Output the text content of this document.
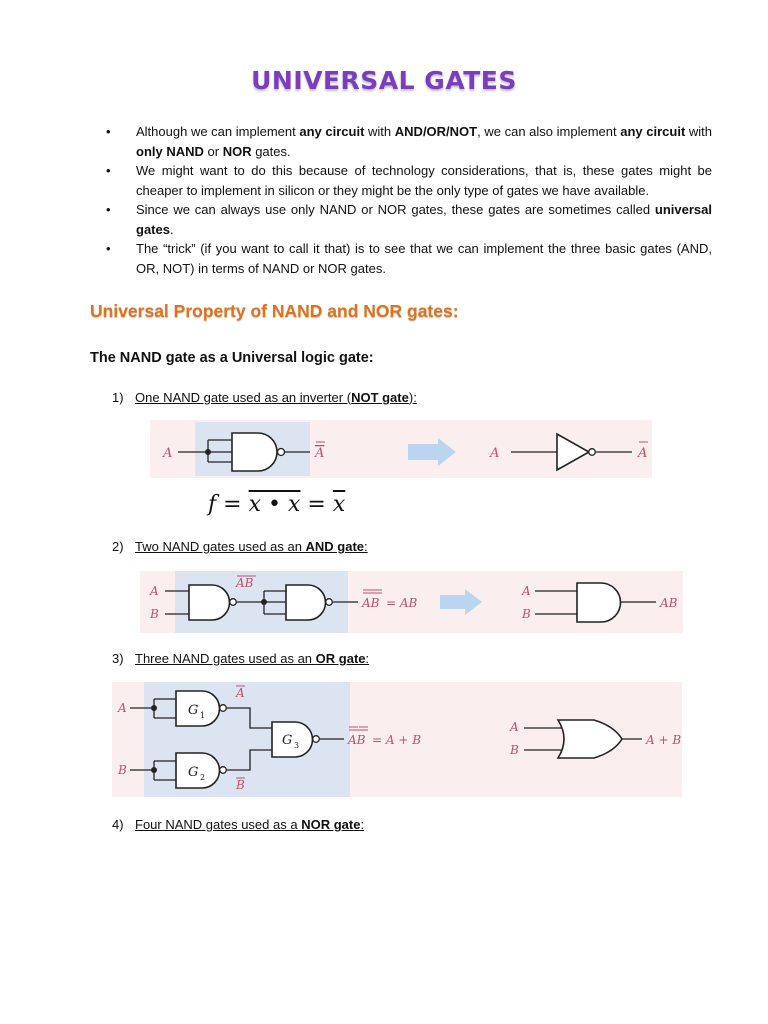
UNIVERSAL GATES
• Although we can implement any circuit with AND/OR/NOT, we can also implement any circuit with only NAND or NOR gates.
• We might want to do this because of technology considerations, that is, these gates might be cheaper to implement in silicon or they might be the only type of gates we have available.
• Since we can always use only NAND or NOR gates, these gates are sometimes called universal gates.
• The “trick” (if you want to call it that) is to see that we can implement the three basic gates (AND, OR, NOT) in terms of NAND or NOR gates.
Universal Property of NAND and NOR gates:
The NAND gate as a Universal logic gate:
1) One NAND gate used as an inverter (NOT gate):
A	A	A	A
f = x • $x = \overline{x}$
2) Two NAND gates used as an AND gate:
A
B
AB
AB = AB
A
B
AB
3) Three NAND gates used as an OR gate:
A
B
G 1
G 2
A
B
G 3	AB = A + B
A
B
A + B
4) Four NAND gates used as a NOR gate:
